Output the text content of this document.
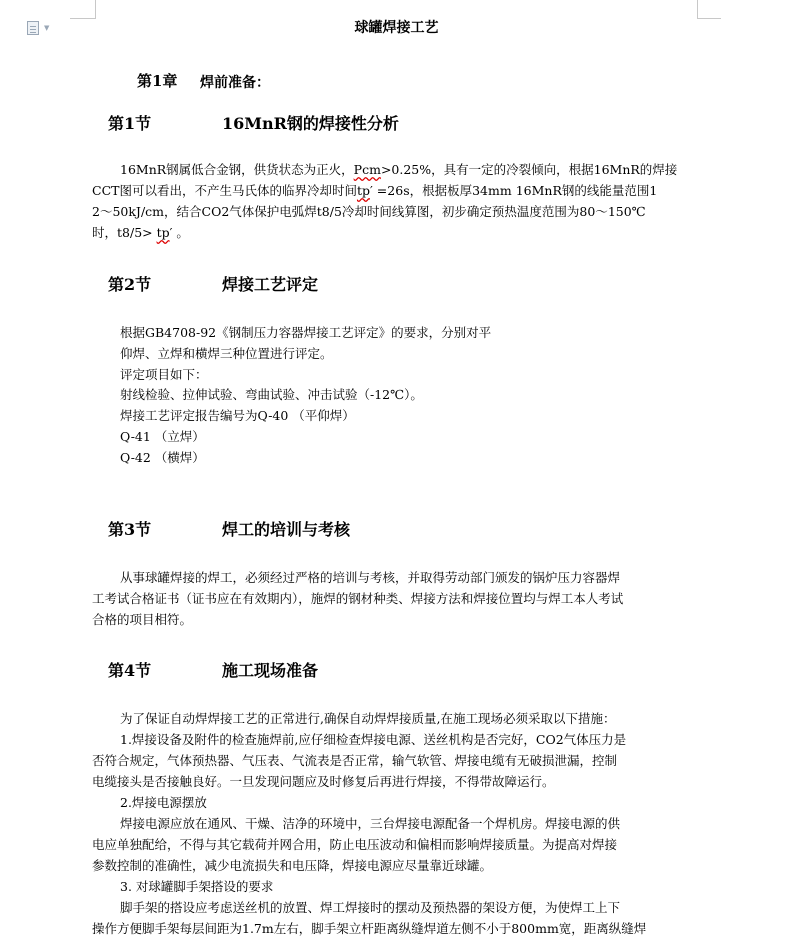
▼	球罐焊接工艺
第1章 焊前准备：
第1节	16MnR钢的焊接性分析
16MnR钢属低合金钢，供货状态为正火，Pcm>0.25%，具有一定的冷裂倾向，根据16MnR的焊接
CCT图可以看出，不产生马氏体的临界冷却时间tp′ =26s，根据板厚34mm 16MnR钢的线能量范围1
2～50kJ/cm，结合CO2气体保护电弧焊t8/5冷却时间线算图，初步确定预热温度范围为80～150℃
时，t8/5> tp′ 。
第2节	焊接工艺评定
根据GB4708-92《钢制压力容器焊接工艺评定》的要求，分别对平
仰焊、立焊和横焊三种位置进行评定。
评定项目如下：
射线检验、拉伸试验、弯曲试验、冲击试验（-12℃）。
焊接工艺评定报告编号为Q-40 （平仰焊）
Q-41 （立焊）
Q-42 （横焊）
第3节	焊工的培训与考核
从事球罐焊接的焊工，必须经过严格的培训与考核，并取得劳动部门颁发的锅炉压力容器焊
工考试合格证书（证书应在有效期内），施焊的钢材种类、焊接方法和焊接位置均与焊工本人考试
合格的项目相符。
第4节	施工现场准备
为了保证自动焊焊接工艺的正常进行,确保自动焊焊接质量,在施工现场必须采取以下措施：
1.焊接设备及附件的检查施焊前,应仔细检查焊接电源、送丝机构是否完好，CO2气体压力是
否符合规定，气体预热器、气压表、气流表是否正常，输气软管、焊接电缆有无破损泄漏，控制
电缆接头是否接触良好。一旦发现问题应及时修复后再进行焊接，不得带故障运行。
2.焊接电源摆放
焊接电源应放在通风、干燥、洁净的环境中，三台焊接电源配备一个焊机房。焊接电源的供
电应单独配给，不得与其它载荷并网合用，防止电压波动和偏相而影响焊接质量。为提高对焊接
参数控制的准确性，减少电流损失和电压降，焊接电源应尽量靠近球罐。
3. 对球罐脚手架搭设的要求
脚手架的搭设应考虑送丝机的放置、焊工焊接时的摆动及预热器的架设方便，为使焊工上下
操作方便脚手架每层间距为1.7m左右，脚手架立杆距离纵缝焊道左侧不小于800mm宽，距离纵缝焊
